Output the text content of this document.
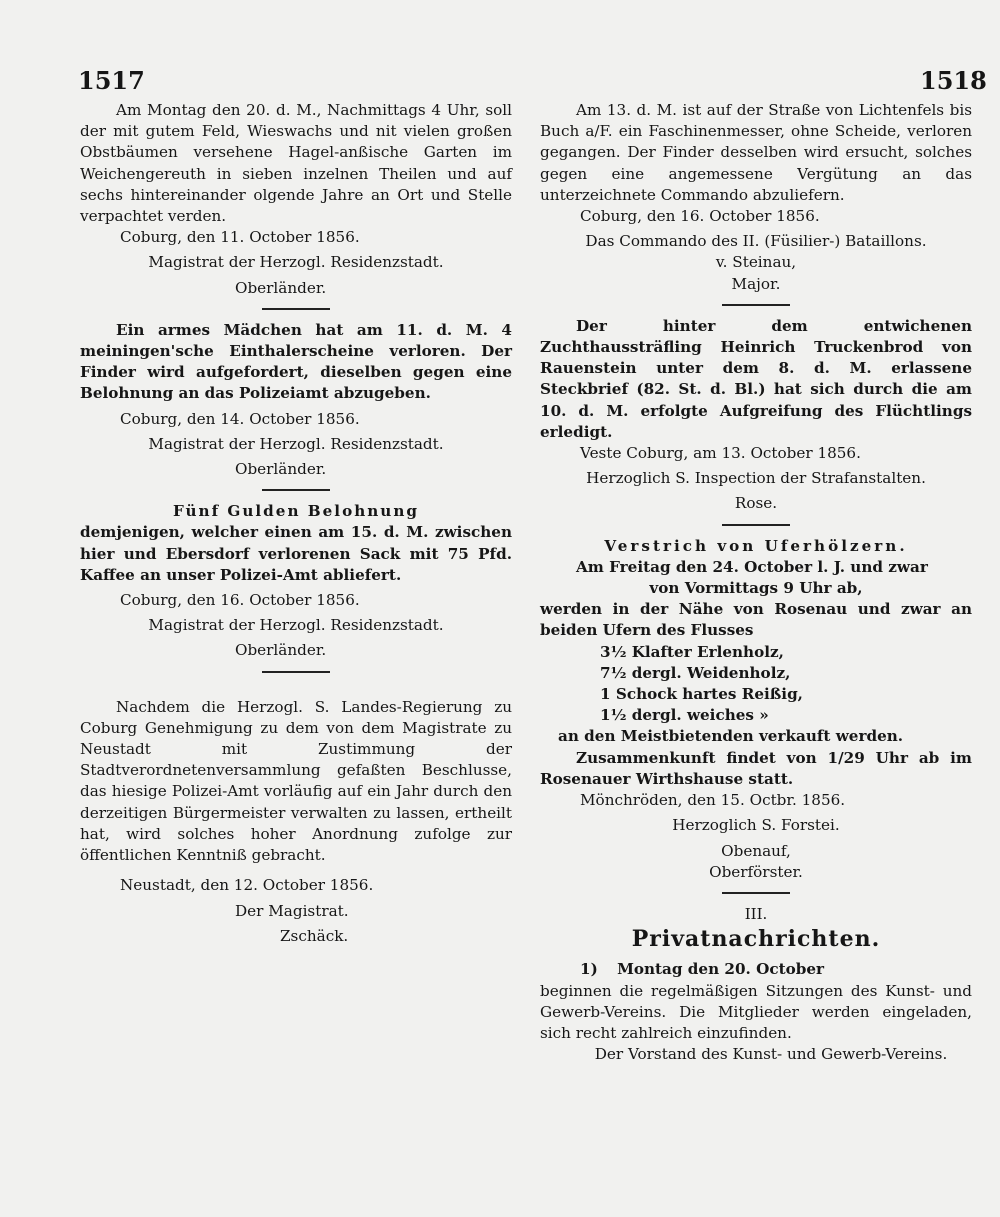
1517	1518

Am Montag den 20. d. M., Nachmittags 4 Uhr, soll der mit gutem Feld, Wieswachs und nit vielen großen Obstbäumen versehene Hagel-anßische Garten im Weichengereuth in sieben inzelnen Theilen und auf sechs hintereinander olgende Jahre an Ort und Stelle verpachtet verden.

Coburg, den 11. October 1856.

Magistrat der Herzogl. Residenzstadt.

Oberländer.

Ein armes Mädchen hat am 11. d. M. 4 meiningen'sche Einthalerscheine verloren. Der Finder wird aufgefordert, dieselben gegen eine Belohnung an das Polizeiamt abzugeben.

Coburg, den 14. October 1856.

Magistrat der Herzogl. Residenzstadt.

Oberländer.

Fünf Gulden Belohnung

demjenigen, welcher einen am 15. d. M. zwischen hier und Ebersdorf verlorenen Sack mit 75 Pfd. Kaffee an unser Polizei-Amt abliefert.

Coburg, den 16. October 1856.

Magistrat der Herzogl. Residenzstadt.

Oberländer.

Nachdem die Herzogl. S. Landes-Regierung zu Coburg Genehmigung zu dem von dem Magistrate zu Neustadt mit Zustimmung der Stadtverordnetenversammlung gefaßten Beschlusse, das hiesige Polizei-Amt vorläufig auf ein Jahr durch den derzeitigen Bürgermeister verwalten zu lassen, ertheilt hat, wird solches hoher Anordnung zufolge zur öffentlichen Kenntniß gebracht.

Neustadt, den 12. October 1856.

Der Magistrat.

Zschäck.

Am 13. d. M. ist auf der Straße von Lichtenfels bis Buch a/F. ein Faschinenmesser, ohne Scheide, verloren gegangen. Der Finder desselben wird ersucht, solches gegen eine angemessene Vergütung an das unterzeichnete Commando abzuliefern.

Coburg, den 16. October 1856.

Das Commando des II. (Füsilier-) Bataillons.

v. Steinau,

Major.

Der hinter dem entwichenen Zuchthaussträfling Heinrich Truckenbrod von Rauenstein unter dem 8. d. M. erlassene Steckbrief (82. St. d. Bl.) hat sich durch die am 10. d. M. erfolgte Aufgreifung des Flüchtlings erledigt.

Veste Coburg, am 13. October 1856.

Herzoglich S. Inspection der Strafanstalten.

Rose.

Verstrich von Uferhölzern.

Am Freitag den 24. October l. J. und zwar

von Vormittags 9 Uhr ab,

werden in der Nähe von Rosenau und zwar an beiden Ufern des Flusses

3½ Klafter Erlenholz,

7½ dergl. Weidenholz,

1 Schock hartes Reißig,

1½ dergl. weiches »

an den Meistbietenden verkauft werden.

Zusammenkunft findet von 1/29 Uhr ab im Rosenauer Wirthshause statt.

Mönchröden, den 15. Octbr. 1856.

Herzoglich S. Forstei.

Obenauf,

Oberförster.

III.

Privatnachrichten.

1) Montag den 20. October

beginnen die regelmäßigen Sitzungen des Kunst- und Gewerb-Vereins. Die Mitglieder werden eingeladen, sich recht zahlreich einzufinden.

Der Vorstand des Kunst- und Gewerb-Vereins.
